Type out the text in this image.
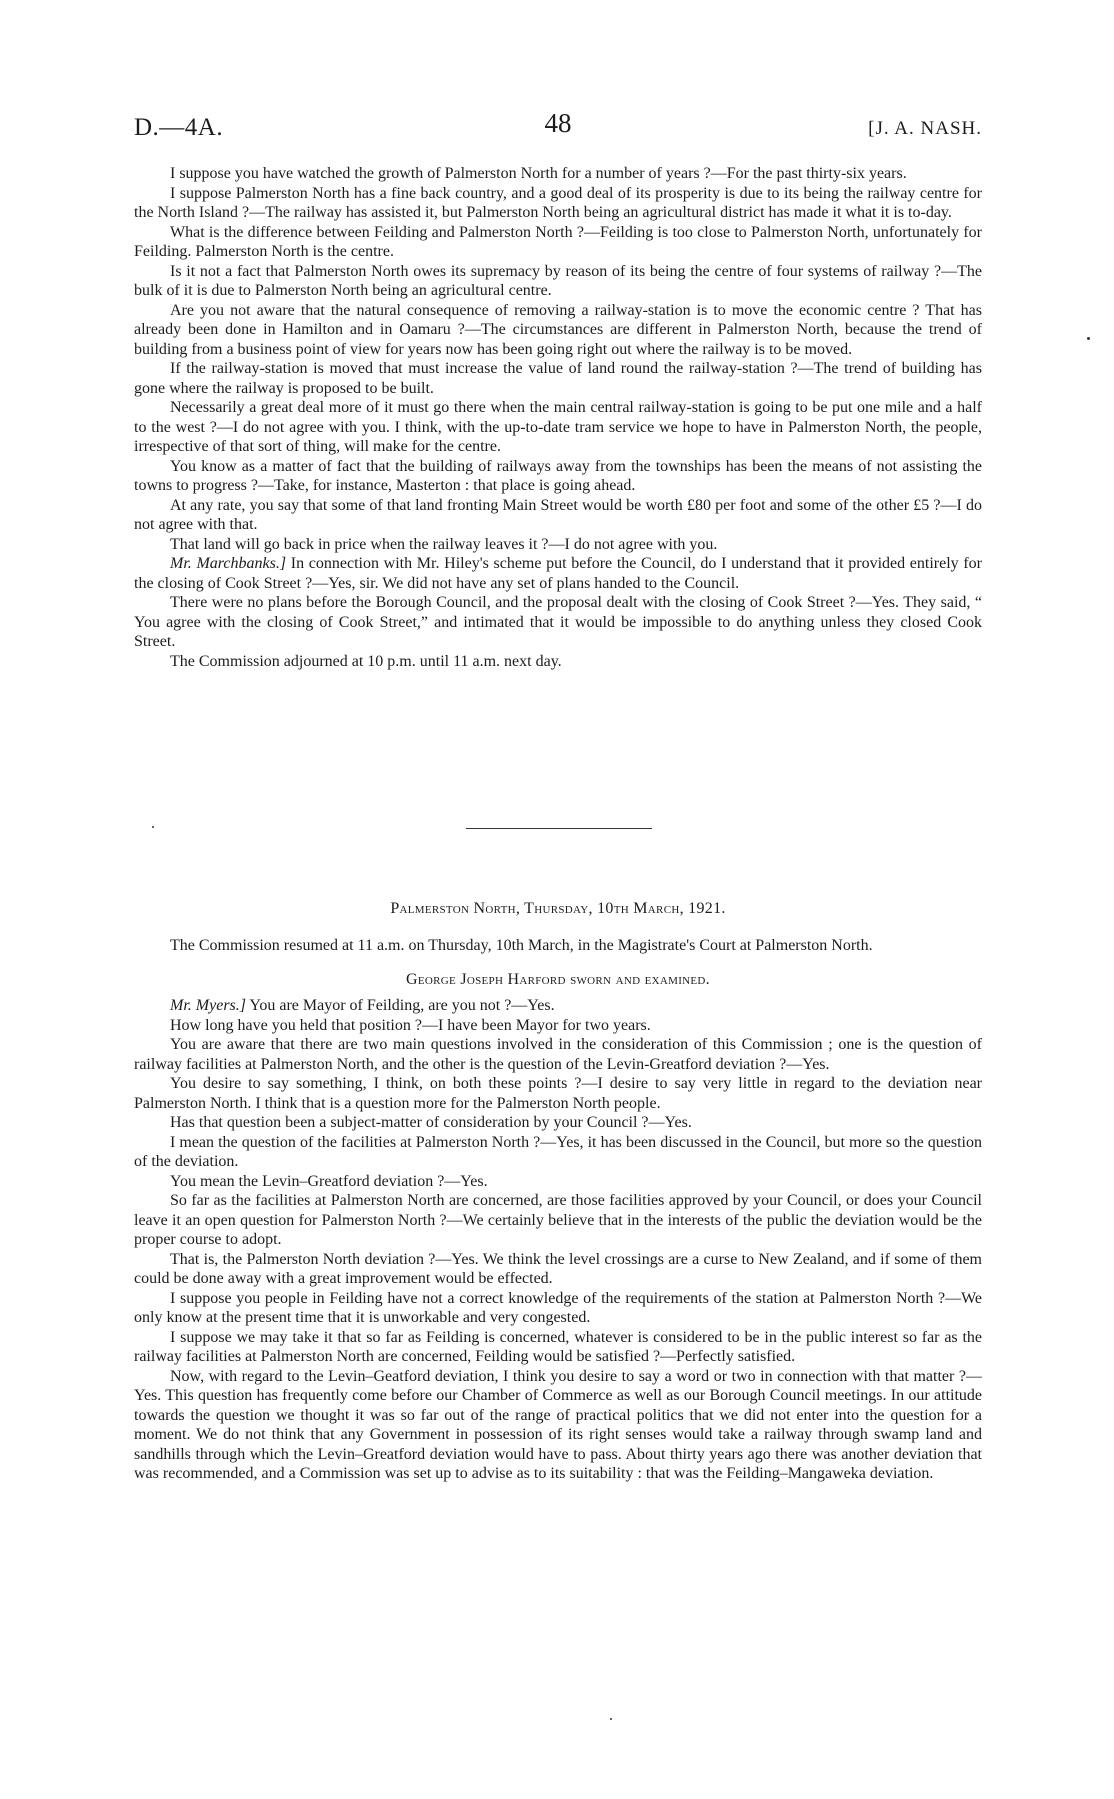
D.—4A.	48	[J. A. NASH.

I suppose you have watched the growth of Palmerston North for a number of years ?—For the past thirty-six years.

I suppose Palmerston North has a fine back country, and a good deal of its prosperity is due to its being the railway centre for the North Island ?—The railway has assisted it, but Palmerston North being an agricultural district has made it what it is to-day.

What is the difference between Feilding and Palmerston North ?—Feilding is too close to Palmerston North, unfortunately for Feilding. Palmerston North is the centre.

Is it not a fact that Palmerston North owes its supremacy by reason of its being the centre of four systems of railway ?—The bulk of it is due to Palmerston North being an agricultural centre.

Are you not aware that the natural consequence of removing a railway-station is to move the economic centre ? That has already been done in Hamilton and in Oamaru ?—The circumstances are different in Palmerston North, because the trend of building from a business point of view for years now has been going right out where the railway is to be moved.

If the railway-station is moved that must increase the value of land round the railway-station ?—The trend of building has gone where the railway is proposed to be built.

Necessarily a great deal more of it must go there when the main central railway-station is going to be put one mile and a half to the west ?—I do not agree with you. I think, with the up-to-date tram service we hope to have in Palmerston North, the people, irrespective of that sort of thing, will make for the centre.

You know as a matter of fact that the building of railways away from the townships has been the means of not assisting the towns to progress ?—Take, for instance, Masterton : that place is going ahead.

At any rate, you say that some of that land fronting Main Street would be worth £80 per foot and some of the other £5 ?—I do not agree with that.

That land will go back in price when the railway leaves it ?—I do not agree with you.

Mr. Marchbanks.] In connection with Mr. Hiley's scheme put before the Council, do I understand that it provided entirely for the closing of Cook Street ?—Yes, sir. We did not have any set of plans handed to the Council.

There were no plans before the Borough Council, and the proposal dealt with the closing of Cook Street ?—Yes. They said, “ You agree with the closing of Cook Street,” and intimated that it would be impossible to do anything unless they closed Cook Street.

The Commission adjourned at 10 p.m. until 11 a.m. next day.

Palmerston North, Thursday, 10th March, 1921.

The Commission resumed at 11 a.m. on Thursday, 10th March, in the Magistrate's Court at Palmerston North.

George Joseph Harford sworn and examined.

Mr. Myers.] You are Mayor of Feilding, are you not ?—Yes.

How long have you held that position ?—I have been Mayor for two years.

You are aware that there are two main questions involved in the consideration of this Commission ; one is the question of railway facilities at Palmerston North, and the other is the question of the Levin-Greatford deviation ?—Yes.

You desire to say something, I think, on both these points ?—I desire to say very little in regard to the deviation near Palmerston North. I think that is a question more for the Palmerston North people.

Has that question been a subject-matter of consideration by your Council ?—Yes.

I mean the question of the facilities at Palmerston North ?—Yes, it has been discussed in the Council, but more so the question of the deviation.

You mean the Levin–Greatford deviation ?—Yes.

So far as the facilities at Palmerston North are concerned, are those facilities approved by your Council, or does your Council leave it an open question for Palmerston North ?—We certainly believe that in the interests of the public the deviation would be the proper course to adopt.

That is, the Palmerston North deviation ?—Yes. We think the level crossings are a curse to New Zealand, and if some of them could be done away with a great improvement would be effected.

I suppose you people in Feilding have not a correct knowledge of the requirements of the station at Palmerston North ?—We only know at the present time that it is unworkable and very congested.

I suppose we may take it that so far as Feilding is concerned, whatever is considered to be in the public interest so far as the railway facilities at Palmerston North are concerned, Feilding would be satisfied ?—Perfectly satisfied.

Now, with regard to the Levin–Geatford deviation, I think you desire to say a word or two in connection with that matter ?—Yes. This question has frequently come before our Chamber of Commerce as well as our Borough Council meetings. In our attitude towards the question we thought it was so far out of the range of practical politics that we did not enter into the question for a moment. We do not think that any Government in possession of its right senses would take a railway through swamp land and sandhills through which the Levin–Greatford deviation would have to pass. About thirty years ago there was another deviation that was recommended, and a Commission was set up to advise as to its suitability : that was the Feilding–Mangaweka deviation.
